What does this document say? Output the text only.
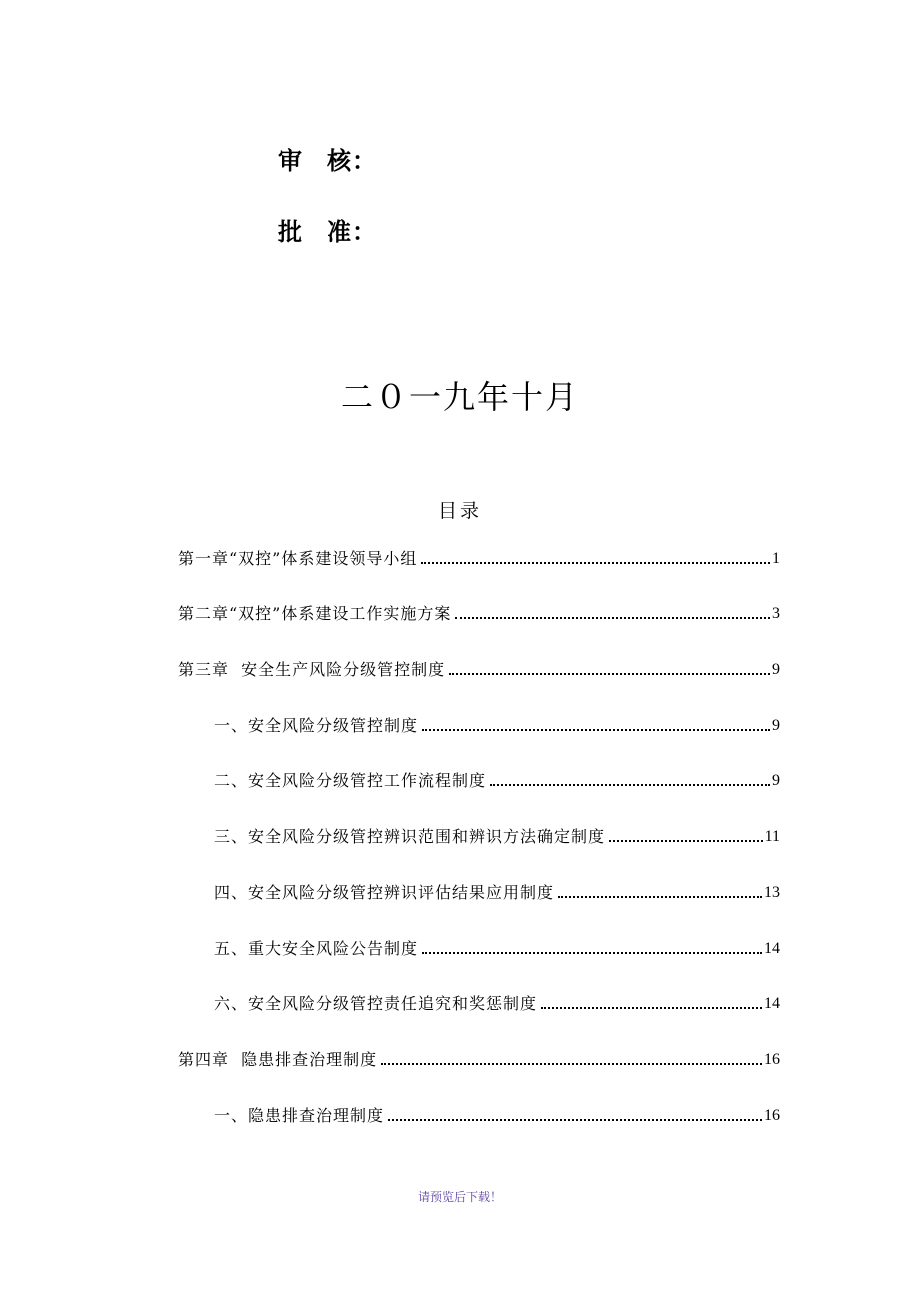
审 核：
批 准：
二０一九年十月
目录
第一章“双控”体系建设领导小组	1
第二章“双控”体系建设工作实施方案	3
第三章  安全生产风险分级管控制度	9
一、安全风险分级管控制度	9
二、安全风险分级管控工作流程制度	9
三、安全风险分级管控辨识范围和辨识方法确定制度	11
四、安全风险分级管控辨识评估结果应用制度	13
五、重大安全风险公告制度	14
六、安全风险分级管控责任追究和奖惩制度	14
第四章  隐患排查治理制度	16
一、隐患排查治理制度	16
请预览后下载！
